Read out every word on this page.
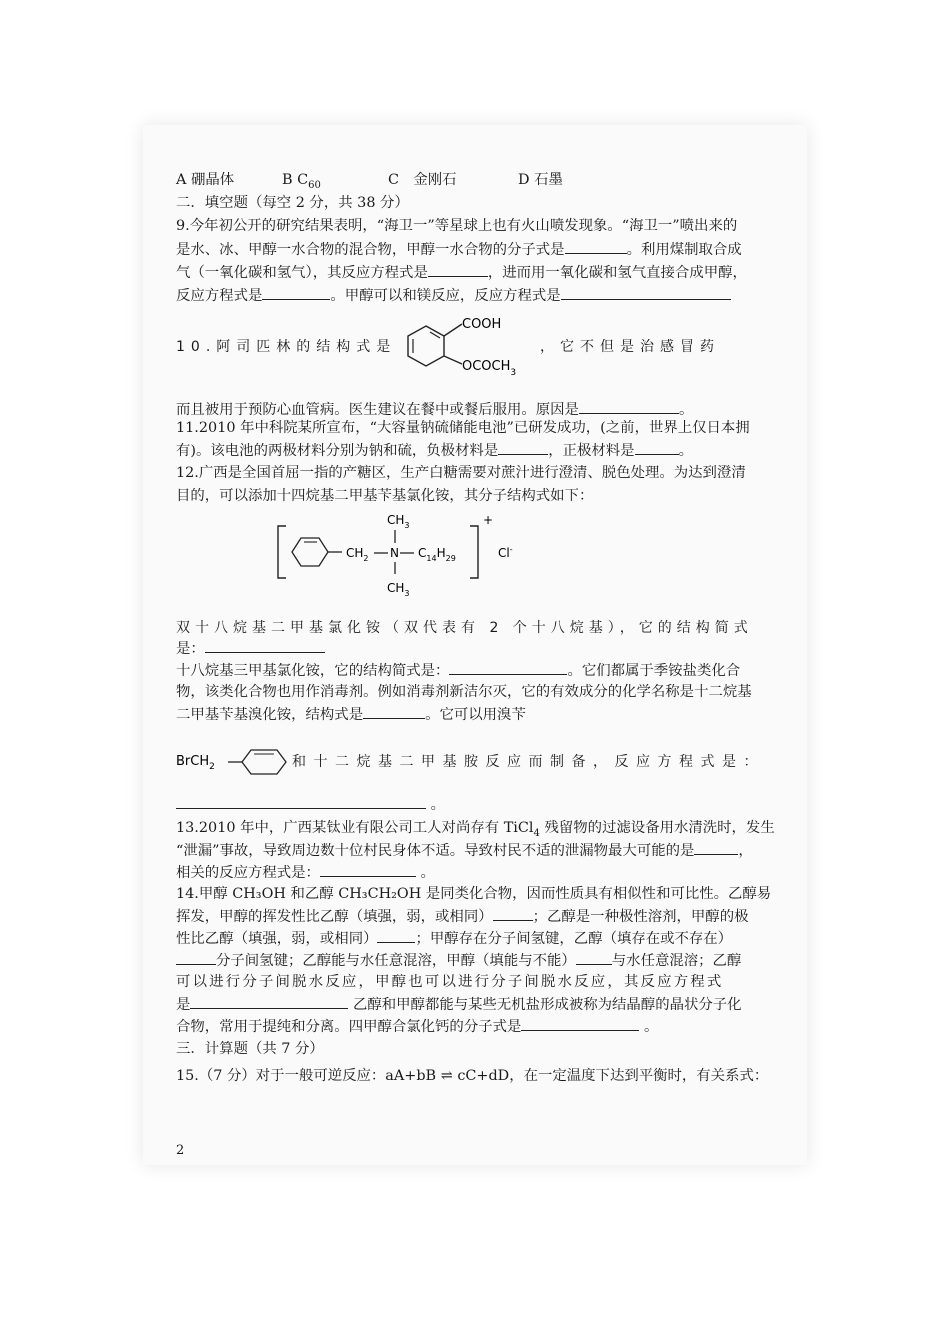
A 硼晶体	B $C_{60}$	C　金刚石	D 石墨
二．填空题（每空 2 分，共 38 分）
9.今年初公开的研究结果表明，“海卫一”等星球上也有火山喷发现象。“海卫一”喷出来的
是水、冰、甲醇一水合物的混合物，甲醇一水合物的分子式是	。利用煤制取合成
气（一氧化碳和氢气），其反应方程式是	，进而用一氧化碳和氢气直接合成甲醇，
反应方程式是	。甲醇可以和镁反应，反应方程式是
10.阿司匹林的结构式是
COOH
$OCOCH_3$
，它不但是治感冒药
而且被用于预防心血管病。医生建议在餐中或餐后服用。原因是	。
11.2010 年中科院某所宣布，“大容量钠硫储能电池”已研发成功，(之前，世界上仅日本拥
有)。该电池的两极材料分别为钠和硫，负极材料是	，正极材料是	。
12.广西是全国首屈一指的产糖区，生产白糖需要对蔗汁进行澄清、脱色处理。为达到澄清
目的，可以添加十四烷基二甲基苄基氯化铵，其分子结构式如下：
$CH_2$ N
$CH_3$
$CH_3$
$C_{14}H_{29}$
+
Cl-
双十八烷基二甲基氯化铵（双代表有 2 个十八烷基），它的结构简式
是：
十八烷基三甲基氯化铵，它的结构简式是：	。它们都属于季铵盐类化合
物，该类化合物也用作消毒剂。例如消毒剂新洁尔灭，它的有效成分的化学名称是十二烷基
二甲基苄基溴化铵，结构式是	。它可以用溴苄
BrCH$_2$	和十二烷基二甲基胺反应而制备，反应方程式是：
。
13.2010 年中，广西某钛业有限公司工人对尚存有 TiCl$_4$ 残留物的过滤设备用水清洗时，发生
“泄漏”事故，导致周边数十位村民身体不适。导致村民不适的泄漏物最大可能的是	，
相关的反应方程式是：	。
14.甲醇 CH₃OH 和乙醇 CH₃CH₂OH 是同类化合物，因而性质具有相似性和可比性。乙醇易
挥发，甲醇的挥发性比乙醇（填强，弱，或相同）	；乙醇是一种极性溶剂，甲醇的极
性比乙醇（填强，弱，或相同）	；甲醇存在分子间氢键，乙醇（填存在或不存在）
分子间氢键；乙醇能与水任意混溶，甲醇（填能与不能）	与水任意混溶；乙醇
可以进行分子间脱水反应，甲醇也可以进行分子间脱水反应，其反应方程式
是	乙醇和甲醇都能与某些无机盐形成被称为结晶醇的晶状分子化
合物，常用于提纯和分离。四甲醇合氯化钙的分子式是	。
三．计算题（共 7 分）
15.（7 分）对于一般可逆反应：aA+bB ⇌ cC+dD，在一定温度下达到平衡时，有关系式：
2
